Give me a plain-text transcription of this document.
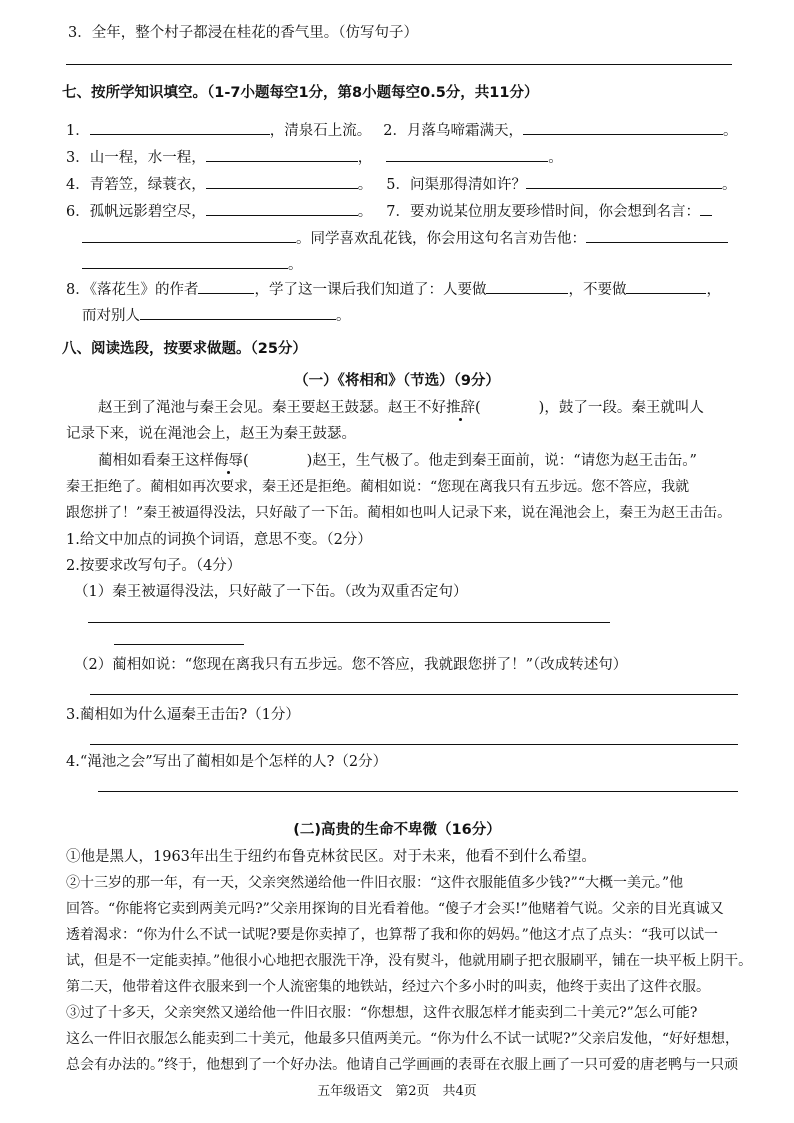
3．全年，整个村子都浸在桂花的香气里。（仿写句子）
七、按所学知识填空。（1-7小题每空1分，第8小题每空0.5分，共11分）
1．	，清泉石上流。 2．月落乌啼霜满天，	。
3．山一程，水一程，	，	。
4．青箬笠，绿蓑衣，	。 5．问渠那得清如许？	。
6．孤帆远影碧空尽，	。 7．要劝说某位朋友要珍惜时间，你会想到名言：
。同学喜欢乱花钱，你会用这句名言劝告他：
。
8．《落花生》的作者	，学了这一课后我们知道了：人要做	，不要做	，
而对别人	。
八、阅读选段，按要求做题。（25分）
（一）《将相和》（节选）（9分）
赵王到了渑池与秦王会见。秦王要赵王鼓瑟。赵王不好推辞(　　　　)，鼓了一段。秦王就叫人
记录下来，说在渑池会上，赵王为秦王鼓瑟。
蔺相如看秦王这样侮辱(　　　　)赵王，生气极了。他走到秦王面前，说：“请您为赵王击缶。”
秦王拒绝了。蔺相如再次要求，秦王还是拒绝。蔺相如说：“您现在离我只有五步远。您不答应，我就
跟您拼了！”秦王被逼得没法，只好敲了一下缶。蔺相如也叫人记录下来，说在渑池会上，秦王为赵王击缶。
1.给文中加点的词换个词语，意思不变。（2分）
2.按要求改写句子。（4分）
（1）秦王被逼得没法，只好敲了一下缶。（改为双重否定句）
（2）蔺相如说：“您现在离我只有五步远。您不答应，我就跟您拼了！”（改成转述句）
3.蔺相如为什么逼秦王击缶?（1分）
4.“渑池之会”写出了蔺相如是个怎样的人?（2分）
(二)高贵的生命不卑微（16分）
①他是黑人，1963年出生于纽约布鲁克林贫民区。对于未来，他看不到什么希望。
②十三岁的那一年，有一天，父亲突然递给他一件旧衣服：“这件衣服能值多少钱?”“大概一美元。”他
回答。“你能将它卖到两美元吗?”父亲用探询的目光看着他。“傻子才会买!”他赌着气说。父亲的目光真诚又
透着渴求：“你为什么不试一试呢?要是你卖掉了，也算帮了我和你的妈妈。”他这才点了点头：“我可以试一
试，但是不一定能卖掉。”他很小心地把衣服洗干净，没有熨斗，他就用刷子把衣服刷平，铺在一块平板上阴干。
第二天，他带着这件衣服来到一个人流密集的地铁站，经过六个多小时的叫卖，他终于卖出了这件衣服。
③过了十多天，父亲突然又递给他一件旧衣服：“你想想，这件衣服怎样才能卖到二十美元?”怎么可能?
这么一件旧衣服怎么能卖到二十美元，他最多只值两美元。“你为什么不试一试呢?”父亲启发他，“好好想想，
总会有办法的。”终于，他想到了一个好办法。他请自己学画画的表哥在衣服上画了一只可爱的唐老鸭与一只顽
五年级语文　第2页　共4页
